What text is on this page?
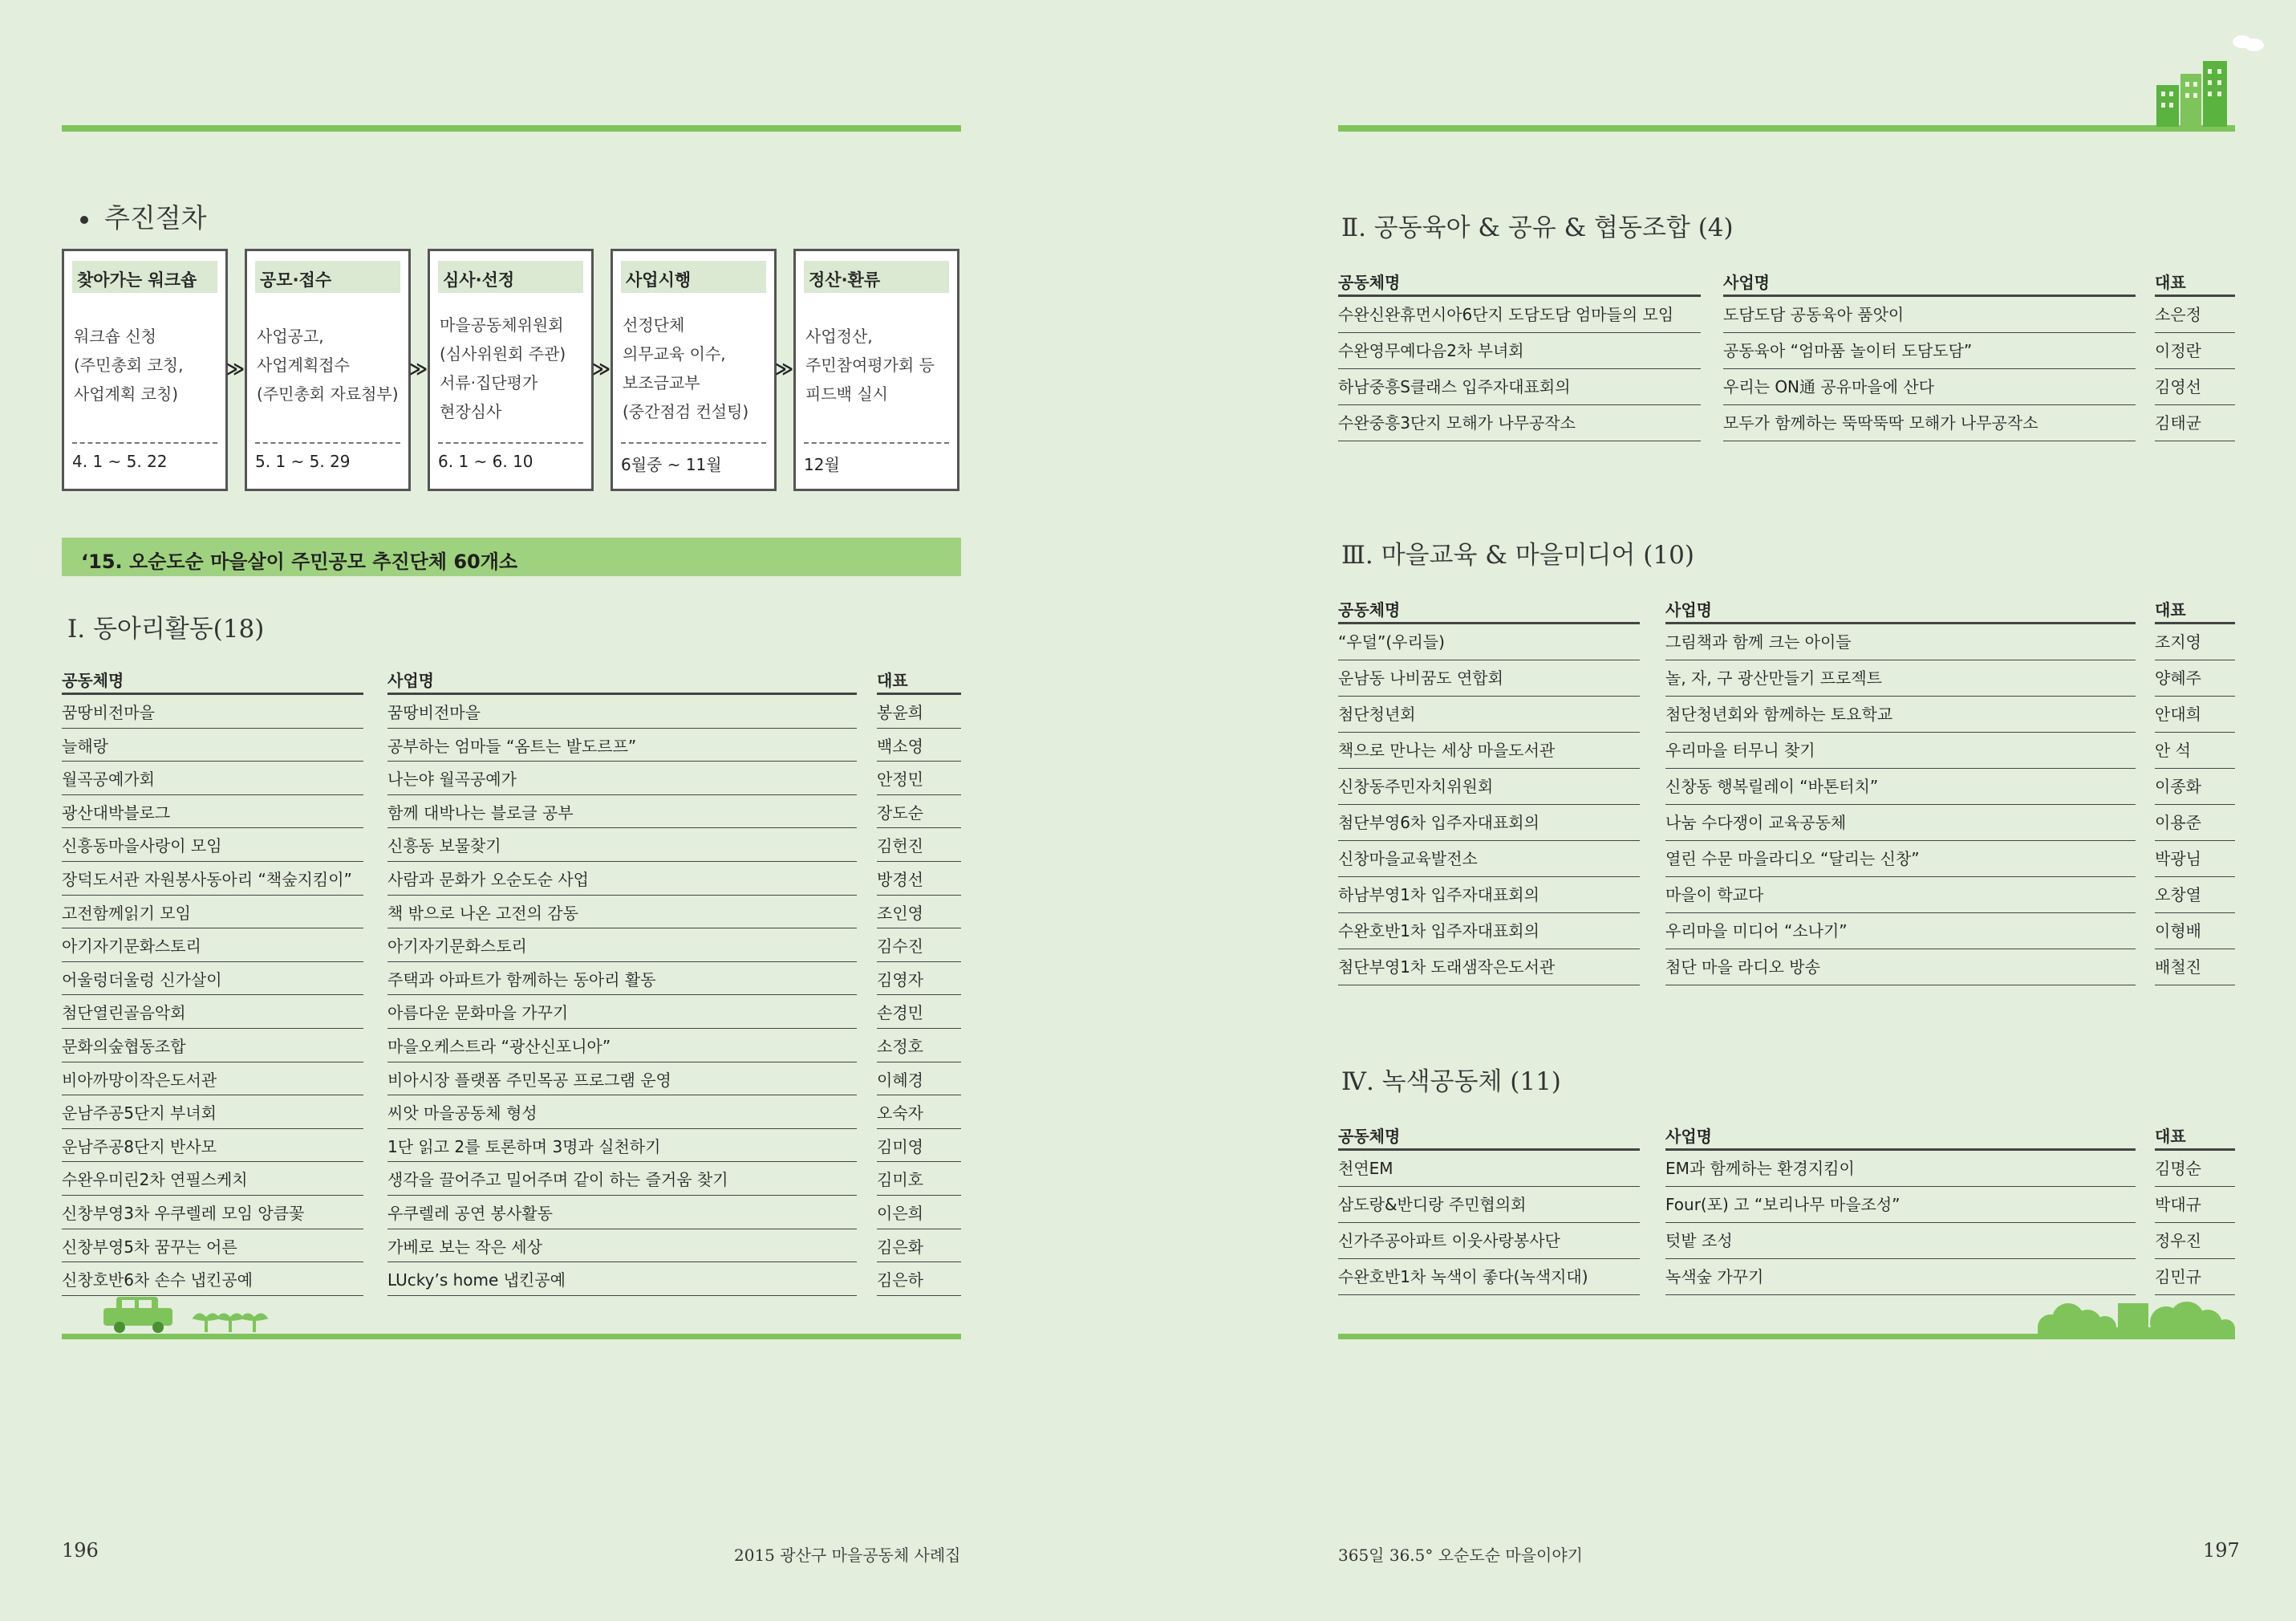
추진절차
찾아가는 워크숍
워크숍 신청
(주민총회 코칭,
사업계획 코칭)
4. 1 ~ 5. 22
≫
공모·접수
사업공고,
사업계획접수
(주민총회 자료첨부)
5. 1 ~ 5. 29
≫
심사·선정
마을공동체위원회
(심사위원회 주관)
서류·집단평가
현장심사
6. 1 ~ 6. 10
≫
사업시행
선정단체
의무교육 이수,
보조금교부
(중간점검 컨설팅)
6월중 ~ 11월
≫
정산·환류
사업정산,
주민참여평가회 등
피드백 실시
12월
‘15. 오순도순 마을살이 주민공모 추진단체 60개소
Ⅰ. 동아리활동(18)
공동체명		사업명		대표
꿈땅비전마을		꿈땅비전마을		봉윤희
늘해랑		공부하는 엄마들 “옴트는 발도르프”		백소영
월곡공예가회		나는야 월곡공예가		안정민
광산대박블로그		함께 대박나는 블로글 공부		장도순
신흥동마을사랑이 모임		신흥동 보물찾기		김헌진
장덕도서관 자원봉사동아리 “책숲지킴이”		사람과 문화가 오순도순 사업		방경선
고전함께읽기 모임		책 밖으로 나온 고전의 감동		조인영
아기자기문화스토리		아기자기문화스토리		김수진
어울렁더울렁 신가살이		주택과 아파트가 함께하는 동아리 활동		김영자
첨단열린골음악회		아름다운 문화마을 가꾸기		손경민
문화의숲협동조합		마을오케스트라 “광산신포니아”		소정호
비아까망이작은도서관		비아시장 플랫폼 주민목공 프로그램 운영		이혜경
운남주공5단지 부녀회		씨앗 마을공동체 형성		오숙자
운남주공8단지 반사모		1단 읽고 2를 토론하며 3명과 실천하기		김미영
수완우미린2차 연필스케치		생각을 끌어주고 밀어주며 같이 하는 즐거움 찾기		김미호
신창부영3차 우쿠렐레 모임 앙큼꽃		우쿠렐레 공연 봉사활동		이은희
신창부영5차 꿈꾸는 어른		가베로 보는 작은 세상		김은화
신창호반6차 손수 냅킨공예		LUcky’s home 냅킨공예		김은하
196	2015 광산구 마을공동체 사례집
Ⅱ. 공동육아 & 공유 & 협동조합 (4)
공동체명		사업명		대표
수완신완휴먼시아6단지 도담도담 엄마들의 모임		도담도담 공동육아 품앗이		소은정
수완영무예다음2차 부녀회		공동육아 “엄마품 놀이터 도담도담”		이정란
하남중흥S클래스 입주자대표회의		우리는 ON通 공유마을에 산다		김영선
수완중흥3단지 모해가 나무공작소		모두가 함께하는 뚝딱뚝딱 모해가 나무공작소		김태균
Ⅲ. 마을교육 & 마을미디어 (10)
공동체명		사업명		대표
“우덜”(우리들)		그림책과 함께 크는 아이들		조지영
운남동 나비꿈도 연합회		놀, 자, 구 광산만들기 프로젝트		양혜주
첨단청년회		첨단청년회와 함께하는 토요학교		안대희
책으로 만나는 세상 마을도서관		우리마을 터무니 찾기		안 석
신창동주민자치위원회		신창동 행복릴레이 “바톤터치”		이종화
첨단부영6차 입주자대표회의		나눔 수다쟁이 교육공동체		이용준
신창마을교육발전소		열린 수문 마을라디오 “달리는 신창”		박광님
하남부영1차 입주자대표회의		마을이 학교다		오창열
수완호반1차 입주자대표회의		우리마을 미디어 “소나기”		이형배
첨단부영1차 도래샘작은도서관		첨단 마을 라디오 방송		배철진
Ⅳ. 녹색공동체 (11)
공동체명		사업명		대표
천연EM		EM과 함께하는 환경지킴이		김명순
삼도랑&반디랑 주민협의회		Four(포) 고 “보리나무 마을조성”		박대규
신가주공아파트 이웃사랑봉사단		텃밭 조성		정우진
수완호반1차 녹색이 좋다(녹색지대)		녹색숲 가꾸기		김민규
365일 36.5° 오순도순 마을이야기	197
